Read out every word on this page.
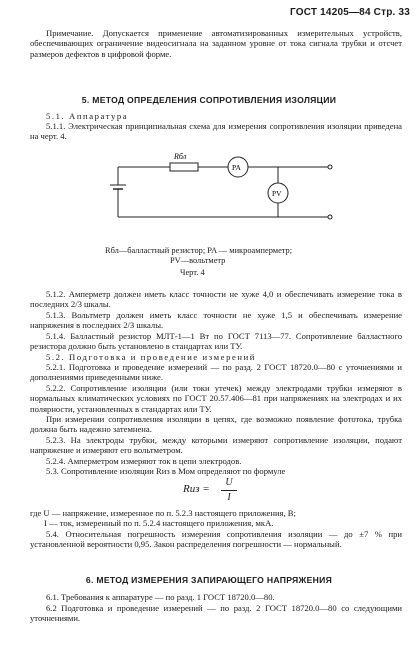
ГОСТ 14205—84 Стр. 33
Примечание. Допускается применение автоматизированных измерительных устройств, обеспечивающих ограничение видеосигнала на заданном уровне от тока сигнала трубки и отсчет размеров дефектов в цифровой форме.
5. МЕТОД ОПРЕДЕЛЕНИЯ СОПРОТИВЛЕНИЯ ИЗОЛЯЦИИ
5.1. Аппаратура
5.1.1. Электрическая принципиальная схема для измерения сопротивления изоляции приведена на черт. 4.
Rбл
PA
PV
Rбл—балластный резистор; PA — микроамперметр;
PV—вольтметр
Черт. 4
5.1.2. Амперметр должен иметь класс точности не хуже 4,0 и обеспечивать измерение тока в последних 2/3 шкалы.
5.1.3. Вольтметр должен иметь класс точности не хуже 1,5 и обеспечивать измерение напряжения в последних 2/3 шкалы.
5.1.4. Балластный резистор МЛТ-1—1 Вт по ГОСТ 7113—77. Сопротивление балластного резистора должно быть установлено в стандартах или ТУ.
5.2. Подготовка и проведение измерений
5.2.1. Подготовка и проведение измерений — по разд. 2 ГОСТ 18720.0—80 с уточнениями и дополнениями приведенными ниже.
5.2.2. Сопротивление изоляции (или токи утечек) между электродами трубки измеряют в нормальных климатических условиях по ГОСТ 20.57.406—81 при напряжениях на электродах и их полярности, установленных в стандартах или ТУ.
При измерении сопротивления изоляции в цепях, где возможно появление фототока, трубка должна быть надежно затемнена.
5.2.3. На электроды трубки, между которыми измеряют сопротивление изоляции, подают напряжение и измеряют его вольтметром.
5.2.4. Амперметром измеряют ток в цепи электродов.
5.3. Сопротивление изоляции Rиз в Мом определяют по формуле
Rиз =
U
I
где U — напряжение, измеренное по п. 5.2.3 настоящего приложения, В;
I — ток, измеренный по п. 5.2.4 настоящего приложения, мкА.
5.4. Относительная погрешность измерения сопротивления изоляции — до ±7 % при установленной вероятности 0,95. Закон распределения погрешности — нормальный.
6. МЕТОД ИЗМЕРЕНИЯ ЗАПИРАЮЩЕГО НАПРЯЖЕНИЯ
6.1. Требования к аппаратуре — по разд. 1 ГОСТ 18720.0—80.
6.2 Подготовка и проведение измерений — по разд. 2 ГОСТ 18720.0—80 со следующими уточнениями.
